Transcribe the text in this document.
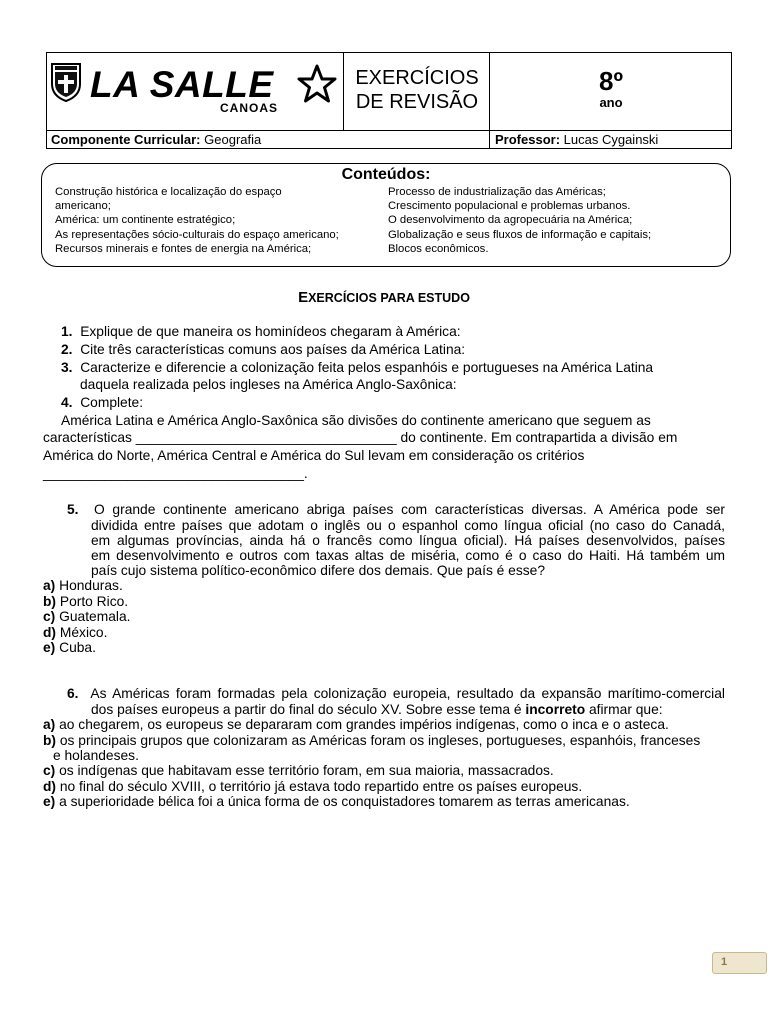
LA SALLE
CANOAS
EXERCÍCIOS
DE REVISÃO
8º
ano
Componente Curricular: Geografia	Professor: Lucas Cygainski
Conteúdos:
Construção histórica e localização do espaço
americano;
América: um continente estratégico;
As representações sócio-culturais do espaço americano;
Recursos minerais e fontes de energia na América;
Processo de industrialização das Américas;
Crescimento populacional e problemas urbanos.
O desenvolvimento da agropecuária na América;
Globalização e seus fluxos de informação e capitais;
Blocos econômicos.
EXERCÍCIOS PARA ESTUDO
1. Explique de que maneira os hominídeos chegaram à América:
2. Cite três características comuns aos países da América Latina:
3. Caracterize e diferencie a colonização feita pelos espanhóis e portugueses na América Latina
daquela realizada pelos ingleses na América Anglo-Saxônica:
4. Complete:
América Latina e América Anglo-Saxônica são divisões do continente americano que seguem as
características __________________________________ do continente. Em contrapartida a divisão em
América do Norte, América Central e América do Sul levam em consideração os critérios
__________________________________.
5. O grande continente americano abriga países com características diversas. A América pode ser
dividida entre países que adotam o inglês ou o espanhol como língua oficial (no caso do Canadá,
em algumas províncias, ainda há o francês como língua oficial). Há países desenvolvidos, países
em desenvolvimento e outros com taxas altas de miséria, como é o caso do Haiti. Há também um
país cujo sistema político-econômico difere dos demais. Que país é esse?
a) Honduras.
b) Porto Rico.
c) Guatemala.
d) México.
e) Cuba.
6. As Américas foram formadas pela colonização europeia, resultado da expansão marítimo-comercial
dos países europeus a partir do final do século XV. Sobre esse tema é incorreto afirmar que:
a) ao chegarem, os europeus se depararam com grandes impérios indígenas, como o inca e o asteca.
b) os principais grupos que colonizaram as Américas foram os ingleses, portugueses, espanhóis, franceses
e holandeses.
c) os indígenas que habitavam esse território foram, em sua maioria, massacrados.
d) no final do século XVIII, o território já estava todo repartido entre os países europeus.
e) a superioridade bélica foi a única forma de os conquistadores tomarem as terras americanas.
1
